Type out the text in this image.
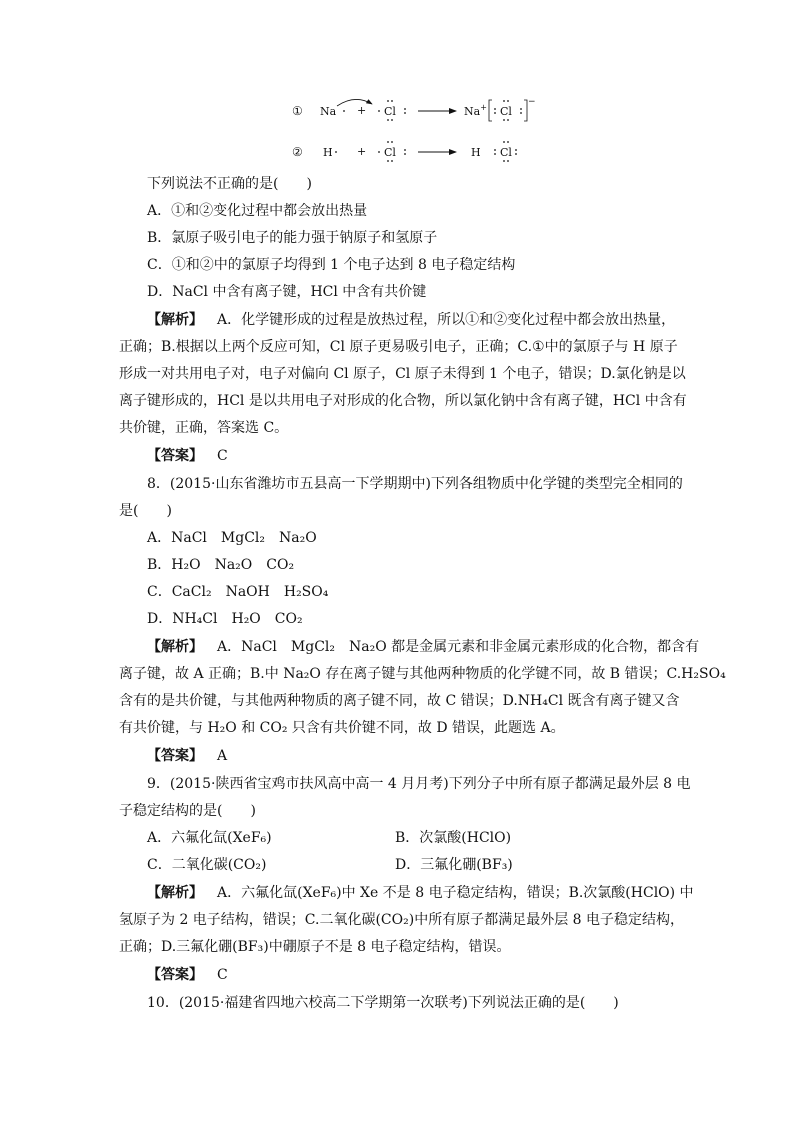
① Na + Cl	Na+ Cl
−
② H + Cl	H Cl
下列说法不正确的是(　　)
A．①和②变化过程中都会放出热量
B．氯原子吸引电子的能力强于钠原子和氢原子
C．①和②中的氯原子均得到 1 个电子达到 8 电子稳定结构
D．NaCl 中含有离子键，HCl 中含有共价键
【解析】 A．化学键形成的过程是放热过程，所以①和②变化过程中都会放出热量，
正确；B.根据以上两个反应可知，Cl 原子更易吸引电子，正确；C.①中的氯原子与 H 原子
形成一对共用电子对，电子对偏向 Cl 原子，Cl 原子未得到 1 个电子，错误；D.氯化钠是以
离子键形成的，HCl 是以共用电子对形成的化合物，所以氯化钠中含有离子键，HCl 中含有
共价键，正确，答案选 C。
【答案】 C
8．(2015·山东省潍坊市五县高一下学期期中)下列各组物质中化学键的类型完全相同的
是(　　)
A．NaCl　MgCl₂　Na₂O
B．H₂O　Na₂O　CO₂
C．CaCl₂　NaOH　H₂SO₄
D．NH₄Cl　H₂O　CO₂
【解析】 A．NaCl　MgCl₂　Na₂O 都是金属元素和非金属元素形成的化合物，都含有
离子键，故 A 正确；B.中 Na₂O 存在离子键与其他两种物质的化学键不同，故 B 错误；C.H₂SO₄
含有的是共价键，与其他两种物质的离子键不同，故 C 错误；D.NH₄Cl 既含有离子键又含
有共价键，与 H₂O 和 CO₂ 只含有共价键不同，故 D 错误，此题选 A。
【答案】 A
9．(2015·陕西省宝鸡市扶风高中高一 4 月月考)下列分子中所有原子都满足最外层 8 电
子稳定结构的是(　　)
A．六氟化氙(XeF₆)	B．次氯酸(HClO)
C．二氧化碳(CO₂)	D．三氟化硼(BF₃)
【解析】 A．六氟化氙(XeF₆)中 Xe 不是 8 电子稳定结构，错误；B.次氯酸(HClO) 中
氢原子为 2 电子结构，错误；C.二氧化碳(CO₂)中所有原子都满足最外层 8 电子稳定结构，
正确；D.三氟化硼(BF₃)中硼原子不是 8 电子稳定结构，错误。
【答案】 C
10．(2015·福建省四地六校高二下学期第一次联考)下列说法正确的是(　　)
